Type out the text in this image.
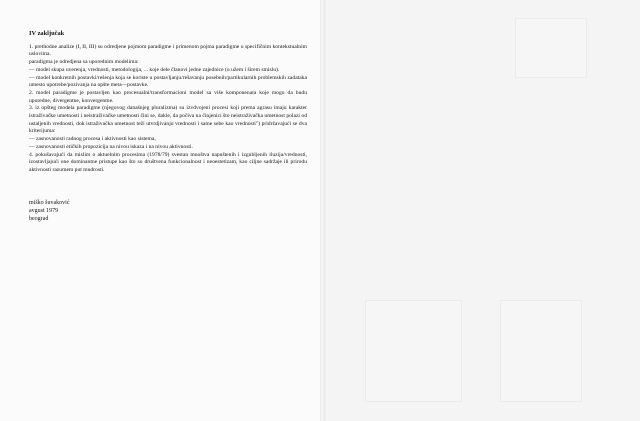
IV zaključak
1. prethodne analize (I, II, III) su odredjene pojmom paradigme i primenom pojma paradigme u specifičnim kontekstualnim uslovima.
paradigma je odredjena sa uporednim modelima:
— model skupa uverenja, vrednosti, metodologija, ... koje dele članovi jedne zajednice (u užem i širem smislu).
— model konkretnih postavki/rešenja koja se koriste u postavljanju/rešavanju posebnih/partikularnih problemskih zadataka umesto upotrebe/pozivanja na opšte meta—postavke.
2. model paradigme je postavljen kao procesualni/transformacioni model sa više komponenata koje mogu da budu uporedne, divergentne, konvergentne.
3. iz opšteg modela paradigme (njegovog današnjeg pluralizma) su izvdvojeni procesi koji prema agrasu imaju karakter istraživačke umetnosti i neistraživačke umetnosti čini se, dakle, da počiva na činjenici što neistraživačka umetnost polazi od ustaljenih vrednosti, dok istraživačka umetnost teži utvrdjivanju vrednosti i same sebe kao vrednosti") pridržavajući se dva kriterijuma:
— zasnovanosti radnog procesa i aktivnosti kao sistema,
— zasnovanosti etičkih propozicija na nivou iskaza i na nivou aktivnosti.
4. pokušavajući da mislim o aktuelnim procesima (1978/79) svestan mnoštva napuštenih i izgubljenih iluzija/vrednosti, izostavljajući one dominantne pristupe kao što su društvena funkcionalnost i neoestetizam, kao ciljne sadržaje ili prirodu aktivnosti razumem put mudrosti.
miško šuvaković
avgust 1979
beograd
